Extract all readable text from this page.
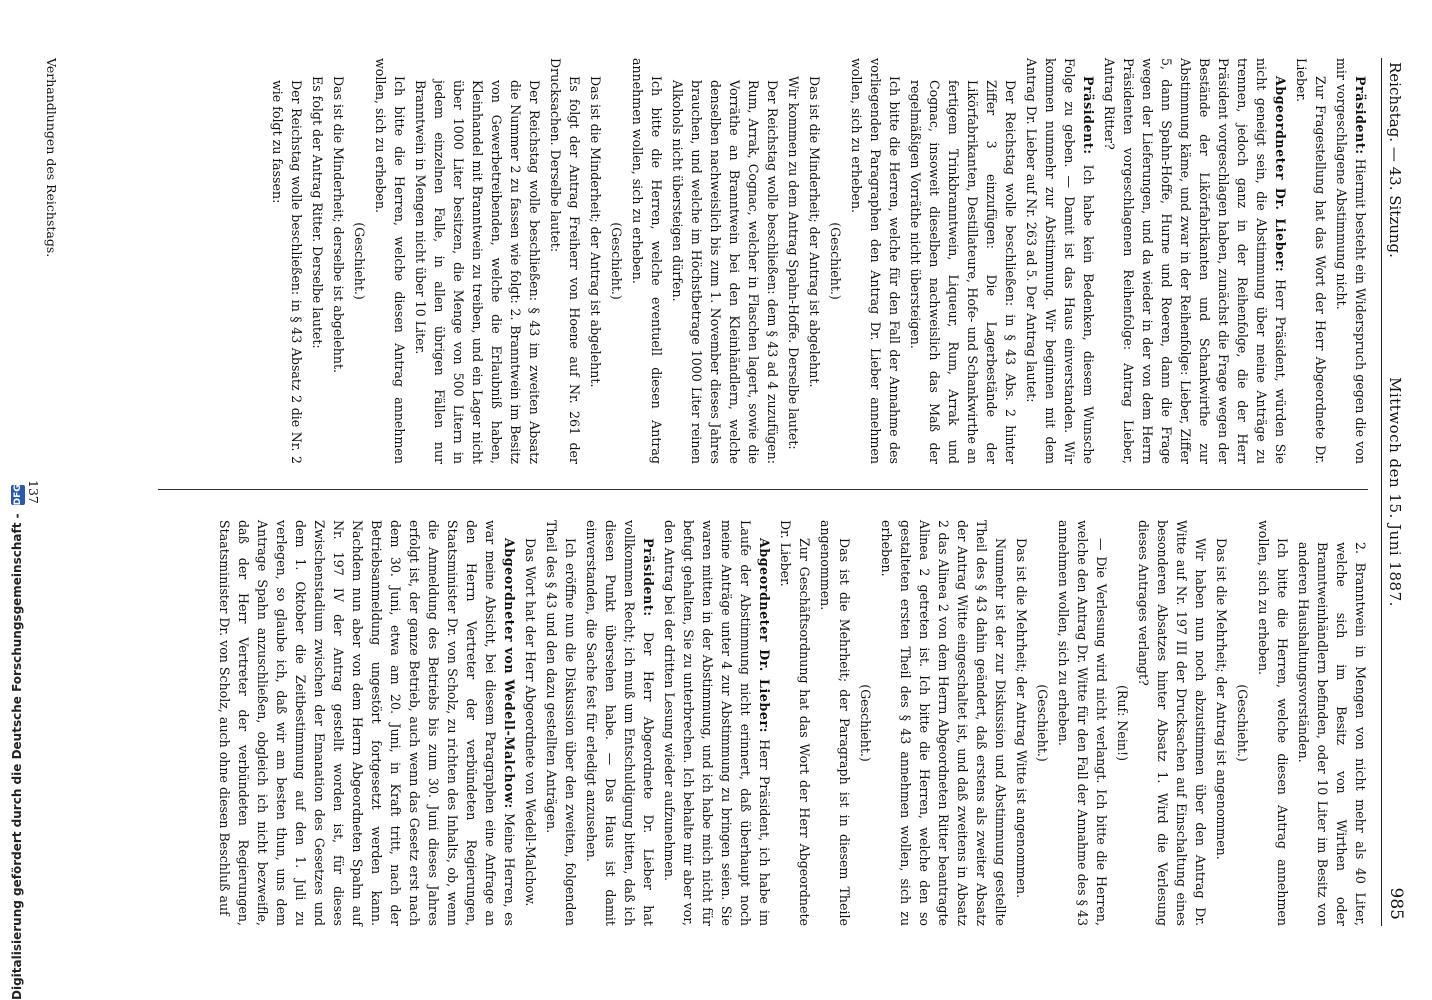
Reichstag. — 43. Sitzung.
Mittwoch den 15. Juni 1887.
985

Präsident: Hiermit besteht ein Widerspruch gegen die von mir vorgeschlagene Abstimmung nicht.

Zur Fragestellung hat das Wort der Herr Abgeordnete Dr. Lieber.

Abgeordneter Dr. Lieber: Herr Präsident, würden Sie nicht geneigt sein, die Abstimmung über meine Anträge zu trennen, jedoch ganz in der Reihenfolge, die der Herr Präsident vorgeschlagen haben, zunächst die Frage wegen der Bestände der Likörfabrikanten und Schankwirthe zur Abstimmung käme, und zwar in der Reihenfolge: Lieber, Ziffer 5, dann Spahn-Hoffe, Hurne und Roeren, dann die Frage wegen der Lieferungen, und da wieder in der von dem Herrn Präsidenten vorgeschlagenen Reihenfolge: Antrag Lieber, Antrag Ritter?

Präsident: Ich habe kein Bedenken, diesem Wunsche Folge zu geben. — Damit ist das Haus einverstanden. Wir kommen nunmehr zur Abstimmung. Wir beginnen mit dem Antrag Dr. Lieber auf Nr. 263 ad 5. Der Antrag lautet:

Der Reichstag wolle beschließen: in § 43 Abs. 2 hinter Ziffer 3 einzufügen: Die Lagerbestände der Likörfabrikanten, Destillateure, Hofe- und Schankwirthe an fertigem Trinkbranntwein, Liqueur, Rum, Arrak und Cognac, insoweit dieselben nachweislich das Maß der regelmäßigen Vorräthe nicht übersteigen.

Ich bitte die Herren, welche für den Fall der Annahme des vorliegenden Paragraphen den Antrag Dr. Lieber annehmen wollen, sich zu erheben.

(Geschieht.)

Das ist die Minderheit; der Antrag ist abgelehnt.

Wir kommen zu dem Antrag Spahn-Hoffe. Derselbe lautet:

Der Reichstag wolle beschließen: dem § 43 ad 4 zuzufügen: Rum, Arrak, Cognac, welcher in Flaschen lagert, sowie die Vorräthe an Branntwein bei den Kleinhändlern, welche denselben nachweislich bis zum 1. November dieses Jahres brauchen, und welche im Höchstbetrage 1000 Liter reinen Alkohols nicht übersteigen dürfen.

Ich bitte die Herren, welche eventuell diesen Antrag annehmen wollen, sich zu erheben.

(Geschieht.)

Das ist die Minderheit; der Antrag ist abgelehnt.

Es folgt der Antrag Freiherr von Hoene auf Nr. 261 der Drucksachen. Derselbe lautet:

Der Reichstag wolle beschließen: § 43 im zweiten Absatz die Nummer 2 zu fassen wie folgt: 2. Branntwein im Besitz von Gewerbetreibenden, welche die Erlaubniß haben, Kleinhandel mit Branntwein zu treiben, und ein Lager nicht über 1000 Liter besitzen, die Menge von 500 Litern in jedem einzelnen Falle, in allen übrigen Fällen nur Branntwein in Mengen nicht über 10 Liter.

Ich bitte die Herren, welche diesen Antrag annehmen wollen, sich zu erheben.

(Geschieht.)

Das ist die Minderheit; derselbe ist abgelehnt.

Es folgt der Antrag Ritter. Derselbe lautet:

Der Reichstag wolle beschließen: in § 43 Absatz 2 die Nr. 2 wie folgt zu fassen:

2. Branntwein in Mengen von nicht mehr als 40 Liter, welche sich im Besitz von Wirthen oder Branntweinhändlern befinden, oder 10 Liter im Besitz von anderen Haushaltungsvorständen.

Ich bitte die Herren, welche diesen Antrag annehmen wollen, sich zu erheben.

(Geschieht.)

Das ist die Mehrheit; der Antrag ist angenommen.

Wir haben nun noch abzustimmen über den Antrag Dr. Witte auf Nr. 197 III der Drucksachen auf Einschaltung eines besonderen Absatzes hinter Absatz 1. Wird die Verlesung dieses Antrages verlangt?

(Ruf: Nein!)

— Die Verlesung wird nicht verlangt. Ich bitte die Herren, welche den Antrag Dr. Witte für den Fall der Annahme des § 43 annehmen wollen, sich zu erheben.

(Geschieht.)

Das ist die Mehrheit; der Antrag Witte ist angenommen.

Nunmehr ist der zur Diskussion und Abstimmung gestellte Theil des § 43 dahin geändert, daß erstens als zweiter Absatz der Antrag Witte eingeschaltet ist, und daß zweitens in Absatz 2 das Alinea 2 von dem Herrn Abgeordneten Ritter beantragte Alinea 2 getreten ist. Ich bitte die Herren, welche den so gestalteten ersten Theil des § 43 annehmen wollen, sich zu erheben.

(Geschieht.)

Das ist die Mehrheit; der Paragraph ist in diesem Theile angenommen.

Zur Geschäftsordnung hat das Wort der Herr Abgeordnete Dr. Lieber.

Abgeordneter Dr. Lieber: Herr Präsident, ich habe im Laufe der Abstimmung nicht erinnert, daß überhaupt noch meine Anträge unter 4 zur Abstimmung zu bringen seien. Sie waren mitten in der Abstimmung, und ich habe mich nicht für befugt gehalten, Sie zu unterbrechen. Ich behalte mir aber vor, den Antrag bei der dritten Lesung wieder aufzunehmen.

Präsident: Der Herr Abgeordnete Dr. Lieber hat vollkommen Recht; ich muß um Entschuldigung bitten, daß ich diesen Punkt übersehen habe. — Das Haus ist damit einverstanden, die Sache fest für erledigt anzusehen.

Ich eröffne nun die Diskussion über den zweiten, folgenden Theil des § 43 und den dazu gestellten Anträgen.

Das Wort hat der Herr Abgeordnete von Wedell-Malchow.

Abgeordneter von Wedell-Malchow: Meine Herren, es war meine Absicht, bei diesem Paragraphen eine Anfrage an den Herrn Vertreter der verbündeten Regierungen, Staatsminister Dr. von Scholz, zu richten des Inhalts, ob, wenn die Anmeldung des Betriebs bis zum 30. Juni dieses Jahres erfolgt ist, der ganze Betrieb, auch wenn das Gesetz erst nach dem 30. Juni, etwa am 20. Juni, in Kraft tritt, nach der Betriebsanmeldung ungestört fortgesetzt werden kann. Nachdem nun aber von dem Herrn Abgeordneten Spahn auf Nr. 197 IV der Antrag gestellt worden ist, für dieses Zwischenstadium zwischen der Emanation des Gesetzes und dem 1. Oktober die Zeitbestimmung auf den 1. Juli zu verlegen, so glaube ich, daß wir am besten thun, uns dem Antrage Spahn anzuschließen, obgleich ich nicht bezweifle, daß der Herr Vertreter der verbündeten Regierungen, Staatsminister Dr. von Scholz, auch ohne diesen Beschluß auf

Verhandlungen des Reichstags.
137
Digitalisierung gefördert durch die Deutsche Forschungsgemeinschaft -DFG
